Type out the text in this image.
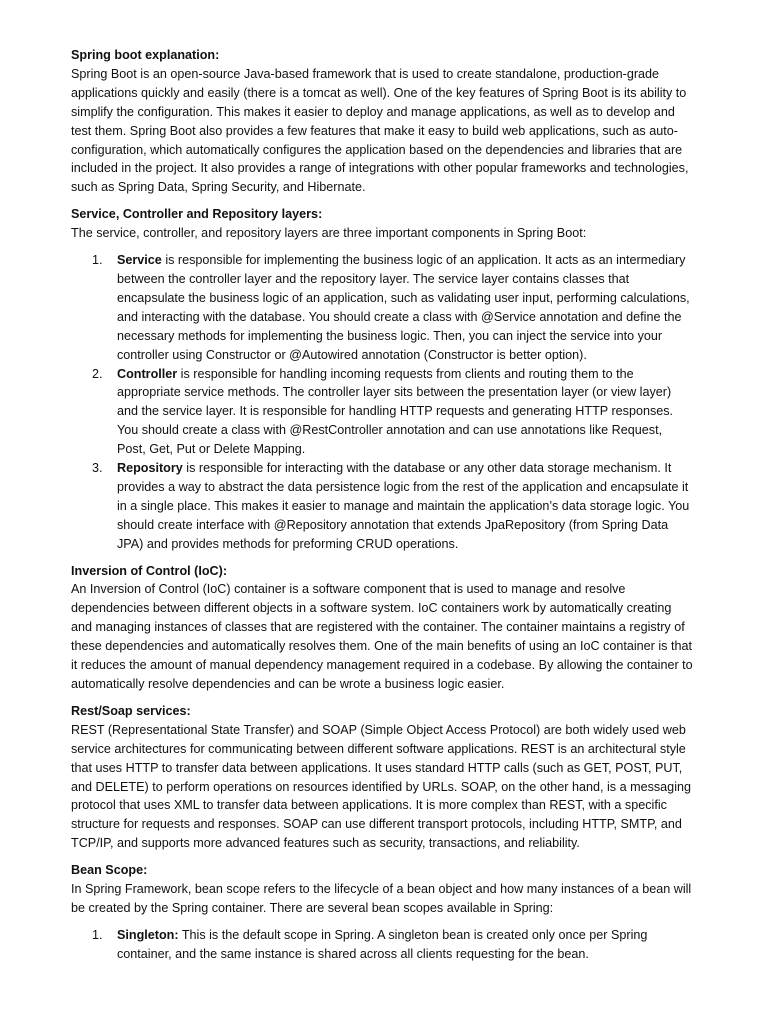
Spring boot explanation:

Spring Boot is an open-source Java-based framework that is used to create standalone, production-grade applications quickly and easily (there is a tomcat as well). One of the key features of Spring Boot is its ability to simplify the configuration. This makes it easier to deploy and manage applications, as well as to develop and test them. Spring Boot also provides a few features that make it easy to build web applications, such as auto-configuration, which automatically configures the application based on the dependencies and libraries that are included in the project. It also provides a range of integrations with other popular frameworks and technologies, such as Spring Data, Spring Security, and Hibernate.

Service, Controller and Repository layers:

The service, controller, and repository layers are three important components in Spring Boot:

1. Service is responsible for implementing the business logic of an application. It acts as an intermediary between the controller layer and the repository layer. The service layer contains classes that encapsulate the business logic of an application, such as validating user input, performing calculations, and interacting with the database. You should create a class with @Service annotation and define the necessary methods for implementing the business logic. Then, you can inject the service into your controller using Constructor or @Autowired annotation (Constructor is better option).
2. Controller is responsible for handling incoming requests from clients and routing them to the appropriate service methods. The controller layer sits between the presentation layer (or view layer) and the service layer. It is responsible for handling HTTP requests and generating HTTP responses. You should create a class with @RestController annotation and can use annotations like Request, Post, Get, Put or Delete Mapping.
3. Repository is responsible for interacting with the database or any other data storage mechanism. It provides a way to abstract the data persistence logic from the rest of the application and encapsulate it in a single place. This makes it easier to manage and maintain the application’s data storage logic. You should create interface with @Repository annotation that extends JpaRepository (from Spring Data JPA) and provides methods for preforming CRUD operations.

Inversion of Control (IoC):

An Inversion of Control (IoC) container is a software component that is used to manage and resolve dependencies between different objects in a software system. IoC containers work by automatically creating and managing instances of classes that are registered with the container. The container maintains a registry of these dependencies and automatically resolves them. One of the main benefits of using an IoC container is that it reduces the amount of manual dependency management required in a codebase. By allowing the container to automatically resolve dependencies and can be wrote a business logic easier.

Rest/Soap services:

REST (Representational State Transfer) and SOAP (Simple Object Access Protocol) are both widely used web service architectures for communicating between different software applications. REST is an architectural style that uses HTTP to transfer data between applications. It uses standard HTTP calls (such as GET, POST, PUT, and DELETE) to perform operations on resources identified by URLs. SOAP, on the other hand, is a messaging protocol that uses XML to transfer data between applications. It is more complex than REST, with a specific structure for requests and responses. SOAP can use different transport protocols, including HTTP, SMTP, and TCP/IP, and supports more advanced features such as security, transactions, and reliability.

Bean Scope:

In Spring Framework, bean scope refers to the lifecycle of a bean object and how many instances of a bean will be created by the Spring container. There are several bean scopes available in Spring:

1. Singleton: This is the default scope in Spring. A singleton bean is created only once per Spring container, and the same instance is shared across all clients requesting for the bean.
